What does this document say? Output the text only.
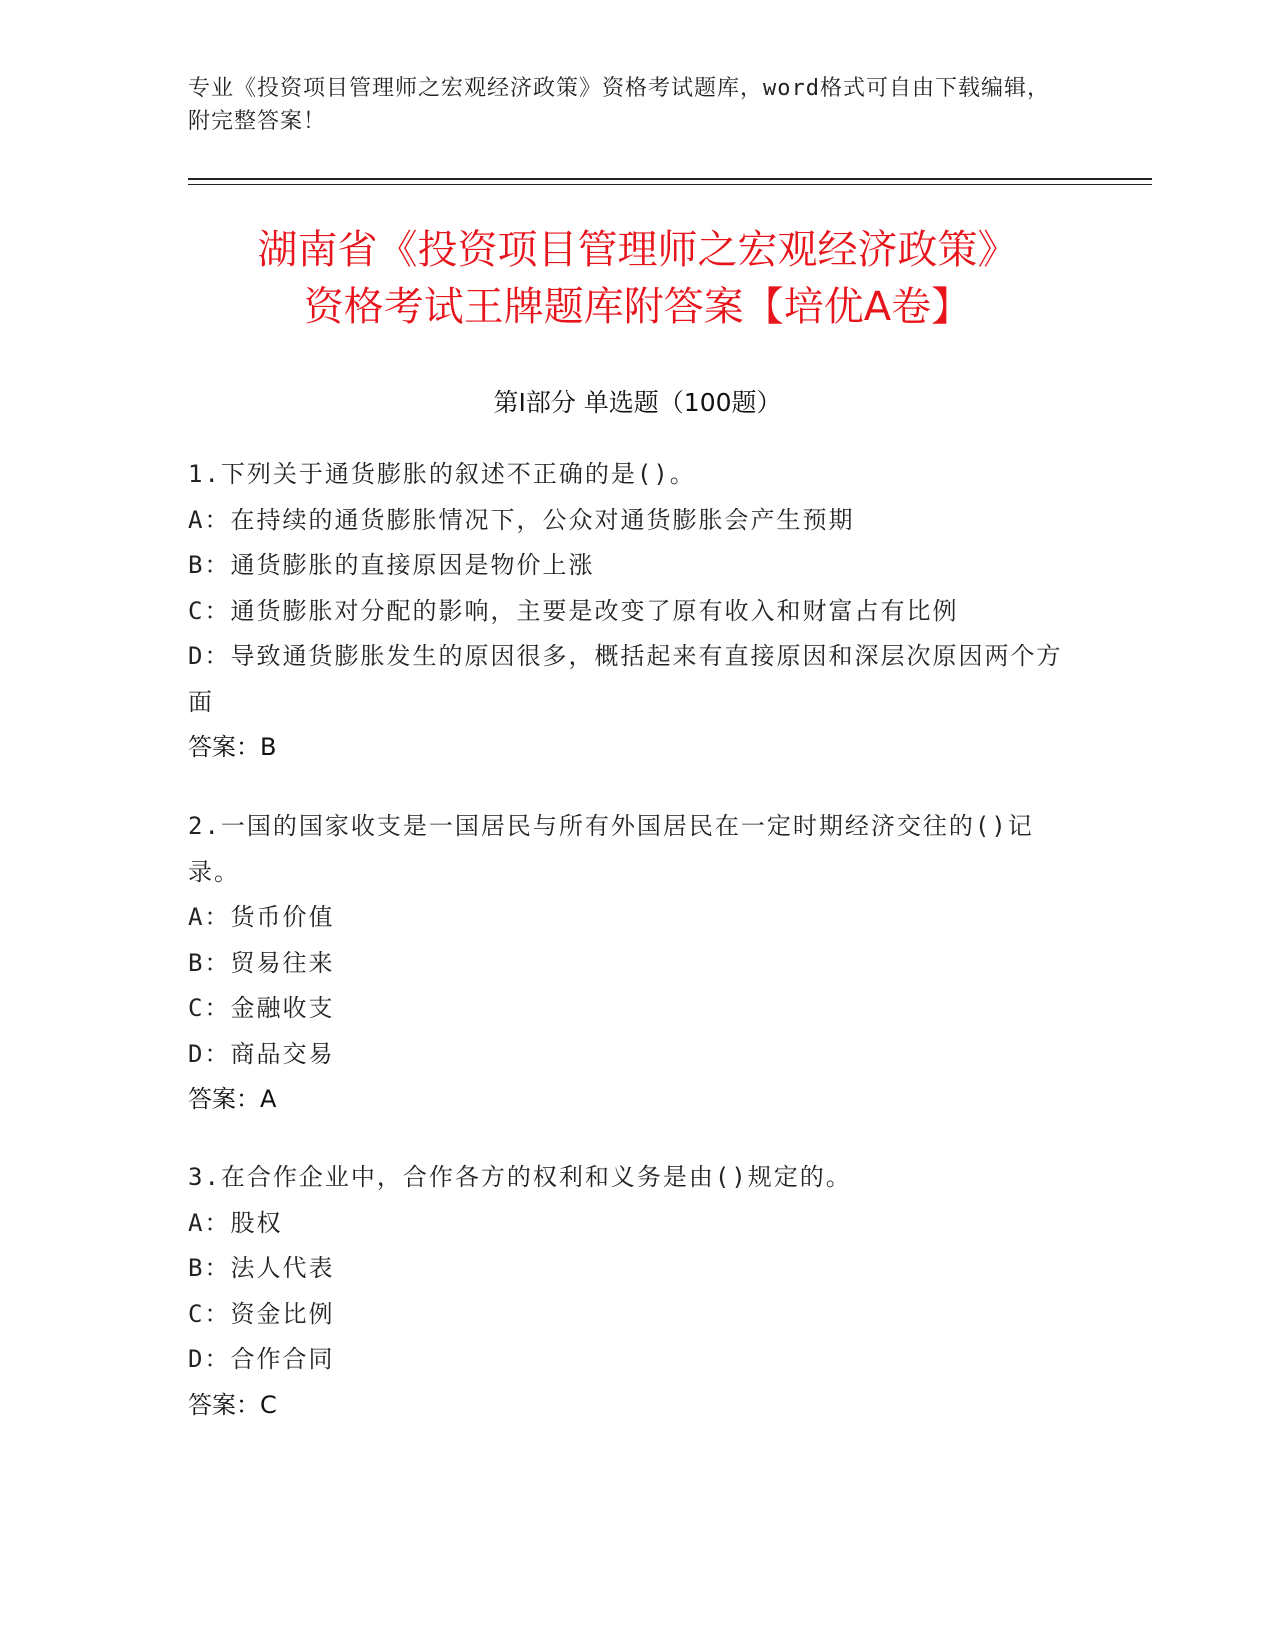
专业《投资项目管理师之宏观经济政策》资格考试题库，word格式可自由下载编辑，附完整答案！
湖南省《投资项目管理师之宏观经济政策》
资格考试王牌题库附答案【培优A卷】
第Ⅰ部分 单选题（100题）

1.下列关于通货膨胀的叙述不正确的是()。

A：在持续的通货膨胀情况下，公众对通货膨胀会产生预期

B：通货膨胀的直接原因是物价上涨

C：通货膨胀对分配的影响，主要是改变了原有收入和财富占有比例

D：导致通货膨胀发生的原因很多，概括起来有直接原因和深层次原因两个方面

答案：B

2.一国的国家收支是一国居民与所有外国居民在一定时期经济交往的()记录。

A：货币价值

B：贸易往来

C：金融收支

D：商品交易

答案：A

3.在合作企业中，合作各方的权利和义务是由()规定的。

A：股权

B：法人代表

C：资金比例

D：合作合同

答案：C
